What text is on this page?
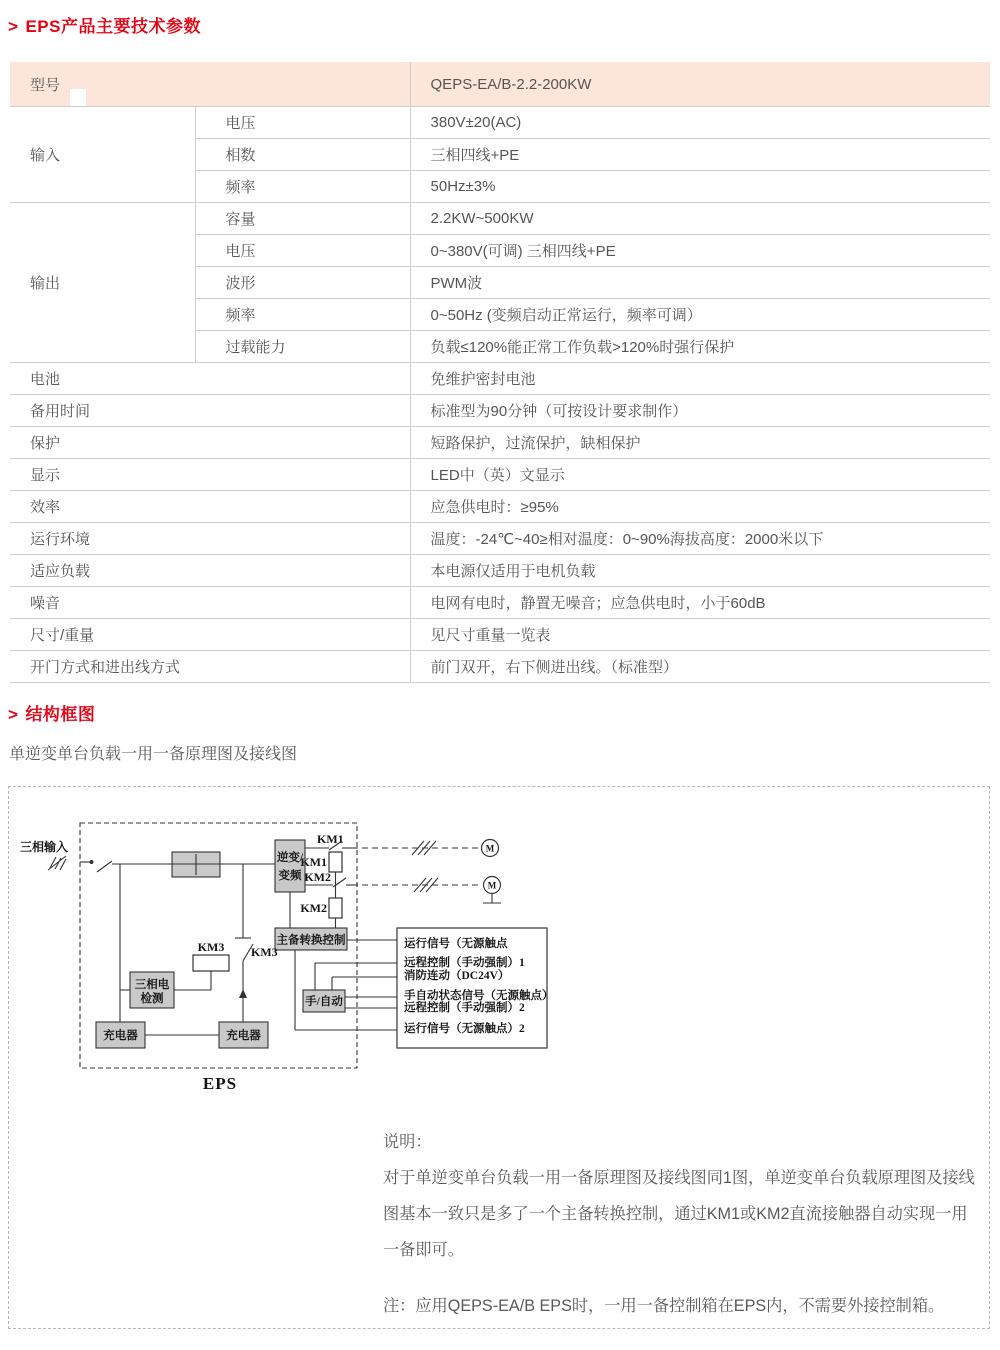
> EPS产品主要技术参数
型号		QEPS-EA/B-2.2-200KW
输入	电压	380V±20(AC)
	相数	三相四线+PE
	频率	50Hz±3%
输出	容量	2.2KW~500KW
	电压	0~380V(可调) 三相四线+PE
	波形	PWM波
	频率	0~50Hz (变频启动正常运行，频率可调）
	过载能力	负载≤120%能正常工作负载>120%时强行保护
电池		免维护密封电池
备用时间		标准型为90分钟（可按设计要求制作）
保护		短路保护，过流保护，缺相保护
显示		LED中（英）文显示
效率		应急供电时：≥95%
运行环境		温度：-24℃~40≥相对温度：0~90%海拔高度：2000米以下
适应负载		本电源仅适用于电机负载
噪音		电网有电时，静置无噪音；应急供电时，小于60dB
尺寸/重量		见尺寸重量一览表
开门方式和进出线方式		前门双开，右下侧进出线。（标准型）
> 结构框图
单逆变单台负载一用一备原理图及接线图
三相输入
逆变/
变频
KM1
M
KM1
KM2
M
KM2
主备转换控制
KM3
KM3
三相电
检测
充电器	充电器
手/自动
运行信号（无源触点
远程控制（手动强制）1
消防连动（DC24V）
手自动状态信号（无源触点）
远程控制（手动强制）2
运行信号（无源触点）2
EPS
说明：
对于单逆变单台负载一用一备原理图及接线图同1图，单逆变单台负载原理图及接线图基本一致只是多了一个主备转换控制，通过KM1或KM2直流接触器自动实现一用一备即可。
注：应用QEPS-EA/B EPS时，一用一备控制箱在EPS内，不需要外接控制箱。
